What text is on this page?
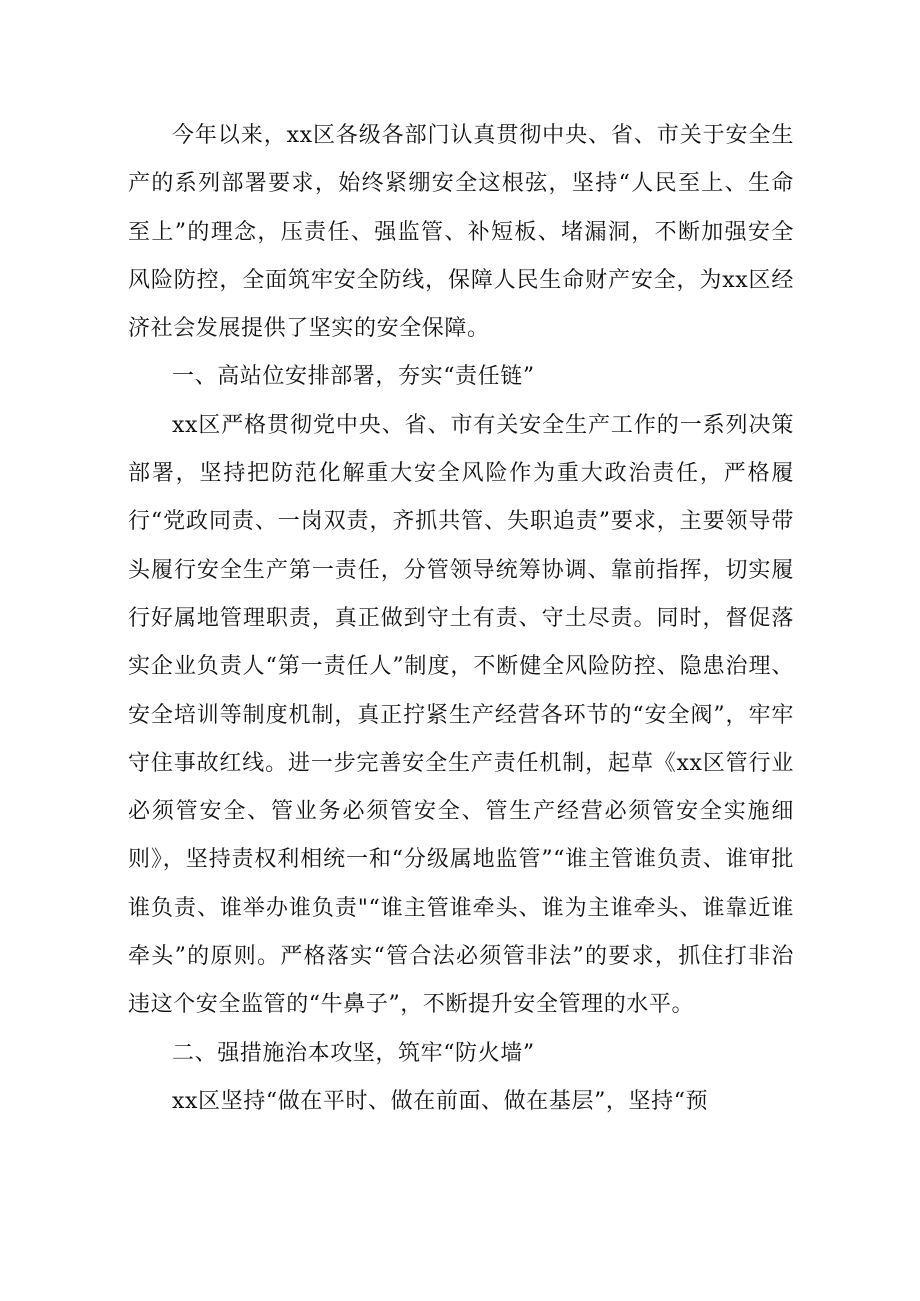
今年以来，xx区各级各部门认真贯彻中央、省、市关于安全生产的系列部署要求，始终紧绷安全这根弦，坚持“人民至上、生命至上”的理念，压责任、强监管、补短板、堵漏洞，不断加强安全风险防控，全面筑牢安全防线，保障人民生命财产安全，为xx区经济社会发展提供了坚实的安全保障。

一、高站位安排部署，夯实“责任链”

xx区严格贯彻党中央、省、市有关安全生产工作的一系列决策部署，坚持把防范化解重大安全风险作为重大政治责任，严格履行“党政同责、一岗双责，齐抓共管、失职追责”要求，主要领导带头履行安全生产第一责任，分管领导统筹协调、靠前指挥，切实履行好属地管理职责，真正做到守土有责、守土尽责。同时，督促落实企业负责人“第一责任人”制度，不断健全风险防控、隐患治理、安全培训等制度机制，真正拧紧生产经营各环节的“安全阀”，牢牢守住事故红线。进一步完善安全生产责任机制，起草《xx区管行业必须管安全、管业务必须管安全、管生产经营必须管安全实施细则》，坚持责权利相统一和“分级属地监管”“谁主管谁负责、谁审批谁负责、谁举办谁负责"“谁主管谁牵头、谁为主谁牵头、谁靠近谁牵头”的原则。严格落实“管合法必须管非法”的要求，抓住打非治违这个安全监管的“牛鼻子”，不断提升安全管理的水平。

二、强措施治本攻坚，筑牢“防火墙”

xx区坚持“做在平时、做在前面、做在基层”，坚持“预
